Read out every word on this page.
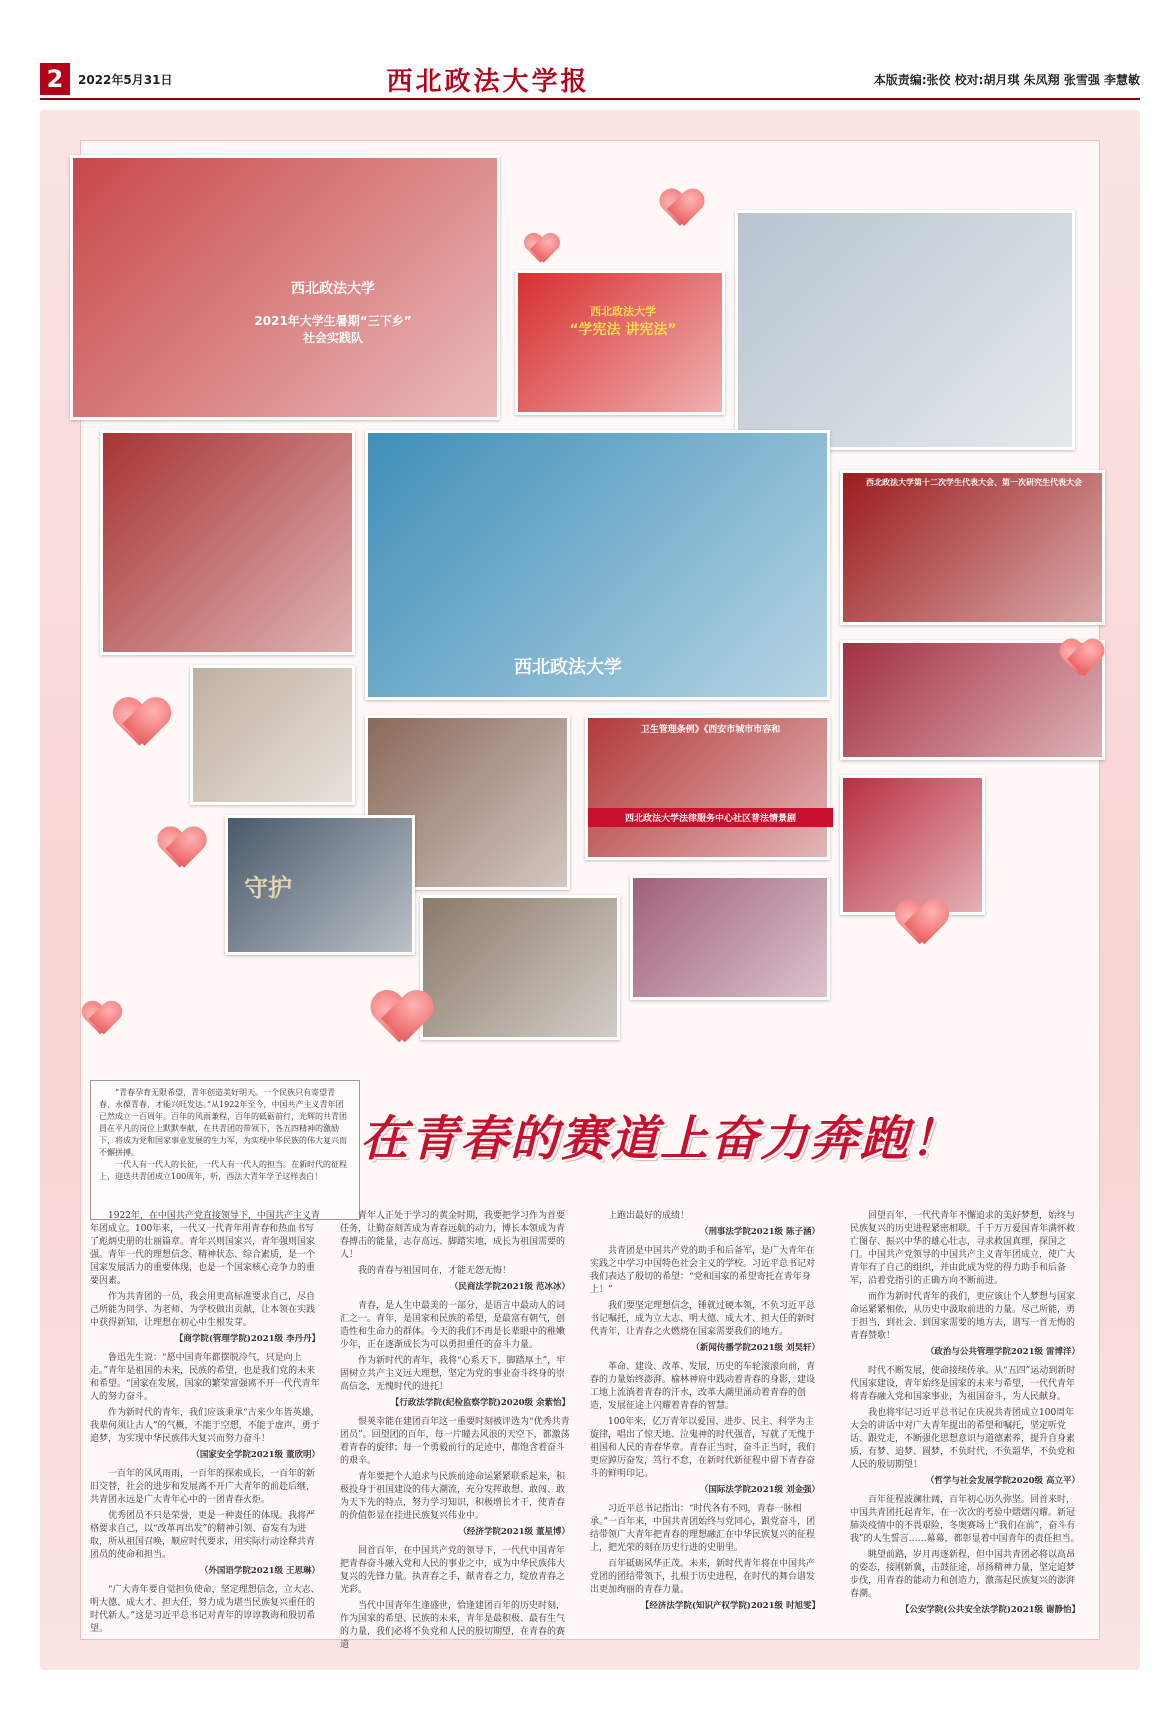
2	2022年5月31日	西北政法大学报	本版责编:张佼 校对:胡月琪 朱凤翔 张雪强 李慧敏
西北政法大学
2021年大学生暑期“三下乡”
社会实践队
西北政法大学
“学宪法 讲宪法”
西北政法大学
西北政法大学第十二次学生代表大会、第一次研究生代表大会
卫生管理条例》《西安市城市市容和
西北政法大学法律服务中心社区普法情景剧
守护

“青春孕育无限希望，青年创造美好明天。一个民族只有寄望青春、永葆青春，才能兴旺发达。”从1922年至今，中国共产主义青年团已然成立一百周年。百年的风雨兼程，百年的砥砺前行，光辉的共青团員在平凡的岗位上默默奉献，在共青团的带领下，各五四精神的激励下，将成为党和国家事业发展的生力军，为实现中华民族的伟大复兴而不懈拼搏。

一代人有一代人的长征，一代人有一代人的担当。在新时代的征程上，迎迭共青团成立100周年，听，西法大青年学子这样表白！

在青春的赛道上奋力奔跑！

1922年，在中国共产党直接领导下，中国共产主义青年团成立。100年来，一代又一代青年用青春和热血书写了彪炳史册的壮丽篇章。青年兴则国家兴，青年强则国家强。青年一代的理想信念、精神状态、综合素质，是一个国家发展活力的重要体现，也是一个国家核心竞争力的重要因素。

作为共青团的一员，我会用更高标准要求自己，尽自己所能为同学、为老师、为学校做出贡献，让本领在实践中获得新知，让理想在初心中生根发芽。

【商学院(管理学院)2021级 李丹丹】

鲁迅先生说：“愿中国青年都摆脱冷气，只是向上走。”青年是祖国的未来，民族的希望，也是我们党的未来和希望。“国家在发展，国家的繁荣富强离不开一代代青年人的努力奋斗。

作为新时代的青年，我们应该秉承“古来少年皆英雄，我辈何须让古人”的气概，不能于空想，不能于虚声，勇于追梦，为实现中华民族伟大复兴而努力奋斗！

（国家安全学院2021级 董欣明）

一百年的风风雨雨，一百年的探索成长，一百年的新旧交替，社会的进步和发展离不开广大青年的前赴后继，共青团永远是广大青年心中的一团青春火炬。

优秀团员不只是荣誉，更是一种责任的体现。我将严格要求自己，以“改革再出发”的精神引领、奋发有为进取，所从祖国召唤，顺应时代要求，用实际行动诠释共青团员的使命和担当。

（外国语学院2021级 王思琳）

“广大青年要自觉担负使命，坚定理想信念，立大志、明大德、成大才、担大任，努力成为堪当民族复兴重任的时代新人。”这是习近平总书记对青年的谆谆教诲和殷切希望。

青年人正处于学习的黄金时期，我要把学习作为首要任务，让勤奋刻苦成为青春远航的动力，博长本领成为青春搏击的能量，志存高远、脚踏实地，成长为祖国需要的人！

我的青春与祖国同在，才能无怨无悔！

（民商法学院2021级 范冰冰）

青春，是人生中最美的一部分，是语言中最动人的词汇之一。青年，是国家和民族的希望，是最富有朝气，创造性和生命力的群体。今天的我们不再是长辈眼中的稚嫩少年，正在逐渐成长为可以勇担重任的奋斗力量。

作为新时代的青年，我将“心系天下，脚踏厚土”，牢固树立共产主义远大理想，坚定为党的事业奋斗终身的崇高信念，无愧时代的进托！

【行政法学院(纪检监察学院)2020级 余紫怡】

恨荚幸能在建团百年这一重要时刻被评选为“优秀共青团员”。回望团的百年，每一片瞳去风浪的天空下，都激荡着青春的旋律；每一个勇毅前行的足迹中，都饱含着奋斗的艰辛。

青年要把个人追求与民族前途命运紧紧联系起来，积极投身于祖国建设的伟大潮流，充分发挥敢想、敢闯、敢为天下先的特点，努力学习知识，积极增长才干，使青春的价值彰显在挂进民族复兴伟业中。

（经济学院2021级 董星博）

回首百年，在中国共产党的领导下，一代代中国青年把青春奋斗融入党和人民的事业之中，成为中华民族伟大复兴的先锋力量。执青春之手，献青春之力，绽放青春之光彩。

当代中国青年生逢盛世，恰逢建团百年的历史时刻，作为国家的希望、民族的未来，青年是最积极、最有生气的力量，我们必将不负党和人民的殷切期望，在青春的赛道

上跑出最好的成绩！

（刑事法学院2021级 陈子涵）

共青团是中国共产党的助手和后备军，是广大青年在实践之中学习中国特色社会主义的学校。习近平总书记对我们表达了殷切的希望：“党和国家的希望寄托在青年身上！”

我们要坚定理想信念，锤就过硬本领，不负习近平总书记嘱托，成为立大志、明大德、成大才、担大任的新时代青年，让青春之火燃烧在国家需要我们的地方。

（新闻传播学院2021级 刘昊轩）

革命、建设、改革、发展，历史的车轮滚滚向前，青春的力量始终澎湃。榆林神府中践动着青春的身影，建设工地上流淌着青春的汗水，改革大潮里涌动着青春的创造，发展征途上闪耀着青春的智慧。

100年来，亿万青年以爱国、进步、民主、科学为主旋律，唱出了惊天地、泣鬼神的时代强音，写就了无愧于祖国和人民的青春华章。青春正当时，奋斗正当时，我们更应踔厉奋发，笃行不怠，在新时代新征程中留下青春奋斗的鲜明印记。

（国际法学院2021级 刘金强）

习近平总书记指出：“时代各有不同，青春一脉相承。”一百年来，中国共青团始终与党同心，跟党奋斗，团结带领广大青年把青春的理想融汇在中华民族复兴的征程上，把光荣的刻在历史行进的史册里。

百年砥砺风华正茂。未来，新时代青年将在中国共产党团的团结带领下，扎根于历史进程，在时代的舞台谱发出更加绚丽的青春力量。

【经济法学院(知识产权学院)2021级 时旭雯】

回望百年，一代代青年不懈追求的美好梦想，始终与民族复兴的历史进程紧密相联。千千万万爱国青年满怀救亡图存、振兴中华的雄心壮志，寻求救国真理，探国之门。中国共产党领导的中国共产主义青年团成立，使广大青年有了自己的组织，并由此成为党的得力助手和后备军，沿着党指引的正确方向不断前进。

而作为新时代青年的我们，更应该让个人梦想与国家命运紧紧相依，从历史中汲取前进的力量。尽己所能，勇于担当，到社会、到国家需要的地方去，谱写一首无悔的青春赞歌！

（政治与公共管理学院2021级 雷博洋）

时代不断发展，使命接续传承。从“五四”运动到新时代国家建设，青年始终是国家的未来与希望，一代代青年将青春融入党和国家事业，为祖国奋斗，为人民献身。

我也将牢记习近平总书记在庆祝共青团成立100周年大会的讲话中对广大青年提出的希望和嘱托，坚定听党话、跟党走，不断强化思想意识与道德素养，提升自身素质，有梦、追梦、圆梦，不负时代，不负韶华，不负党和人民的殷切期望！

（哲学与社会发展学院2020级 高立平）

百年征程波澜壮阔，百年初心历久弥坚。回首来时，中国共青团托起青年，在一次次的考验中熠熠闪耀。新冠肺炎疫情中的不畏艰险，冬奥赛场上“我们在前”，奋斗有我”的人生誓言……幕幕，都彰显着中国青年的责任担当。

眺望前路，岁月再逐新程，但中国共青团必将以高昂的姿态，接刚新冀，击鼓征途，昂扬精神力量，坚定追梦步伐，用青春的能动力和创造力，激荡起民族复兴的澎湃春潮。

【公安学院(公共安全法学院)2021级 谢静怡】
